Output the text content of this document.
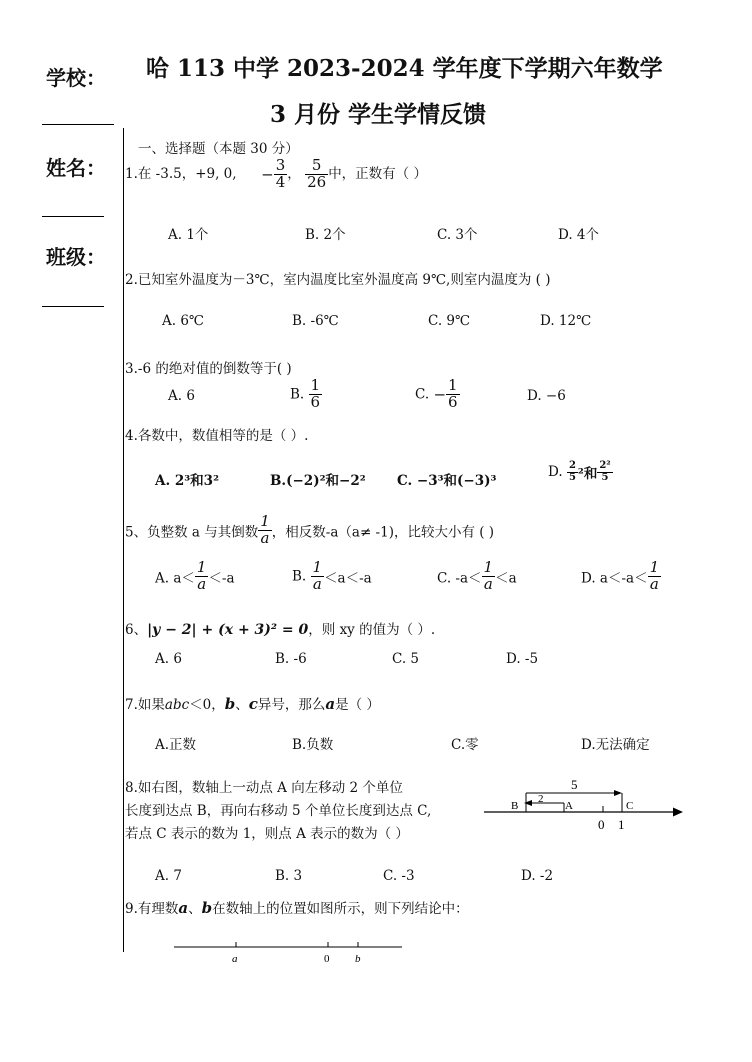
学校：
姓名：
班级：
哈 113 中学 2023-2024 学年度下学期六年数学
3 月份 学生学情反馈
一、选择题（本题 30 分）
1.在 -3.5，+9, 0, − $\frac{3}{4}$ ， $\frac{5}{26}$ 中，正数有（ ）
A. 1个	B. 2个	C. 3个	D. 4个
2.已知室外温度为－3℃，室内温度比室外温度高 9℃,则室内温度为 ( )
A. 6℃	B. -6℃	C. 9℃	D. 12℃
3.-6 的绝对值的倒数等于( )
A. 6	B. $\frac{1}{6}$	C. − $\frac{1}{6}$	D. −6
4.各数中，数值相等的是（ ）.
A. 2³和3²	B.(−2)²和−2² C. −3³和(−3)³
D. $\frac{2}{5} ^2$和 $\frac{\text{2²}}{5}$
5、负整数 a 与其倒数 $\frac{1}{a}$ ，相反数-a（a≠ -1)，比较大小有 ( )
A. $a< \frac{1}{a} <-a$	B. $\frac{1}{a} <a<-a$	C. $-a< \frac{1}{a} <a$	D. $a<-a< \frac{1}{a}$
6、|y − 2| + (x + 3)² = 0，则 xy 的值为（ ）.
A. 6	B. -6	C. 5	D. -5
7.如果abc＜0，b、c异号，那么a是（ ）
A.正数	B.负数	C.零	D.无法确定
8.如右图，数轴上一动点 A 向左移动 2 个单位
长度到达点 B，再向右移动 5 个单位长度到达点 C,
若点 C 表示的数为 1，则点 A 表示的数为（ ）
5
2
B	A	C
0 1
A. 7	B. 3	C. -3	D. -2
9.有理数a、b在数轴上的位置如图所示，则下列结论中：
a	0 b
